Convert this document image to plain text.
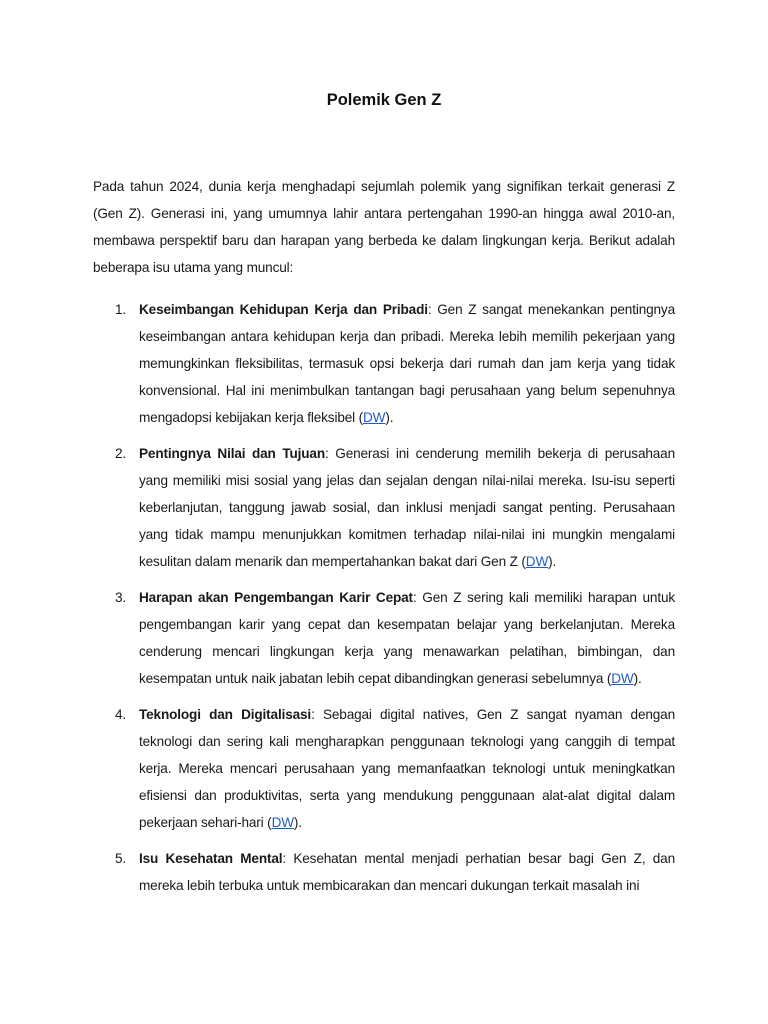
Polemik Gen Z

Pada tahun 2024, dunia kerja menghadapi sejumlah polemik yang signifikan terkait generasi Z (Gen Z). Generasi ini, yang umumnya lahir antara pertengahan 1990-an hingga awal 2010-an, membawa perspektif baru dan harapan yang berbeda ke dalam lingkungan kerja. Berikut adalah beberapa isu utama yang muncul:

1. Keseimbangan Kehidupan Kerja dan Pribadi: Gen Z sangat menekankan pentingnya keseimbangan antara kehidupan kerja dan pribadi. Mereka lebih memilih pekerjaan yang memungkinkan fleksibilitas, termasuk opsi bekerja dari rumah dan jam kerja yang tidak konvensional. Hal ini menimbulkan tantangan bagi perusahaan yang belum sepenuhnya mengadopsi kebijakan kerja fleksibel (DW).
2. Pentingnya Nilai dan Tujuan: Generasi ini cenderung memilih bekerja di perusahaan yang memiliki misi sosial yang jelas dan sejalan dengan nilai-nilai mereka. Isu-isu seperti keberlanjutan, tanggung jawab sosial, dan inklusi menjadi sangat penting. Perusahaan yang tidak mampu menunjukkan komitmen terhadap nilai-nilai ini mungkin mengalami kesulitan dalam menarik dan mempertahankan bakat dari Gen Z (DW).
3. Harapan akan Pengembangan Karir Cepat: Gen Z sering kali memiliki harapan untuk pengembangan karir yang cepat dan kesempatan belajar yang berkelanjutan. Mereka cenderung mencari lingkungan kerja yang menawarkan pelatihan, bimbingan, dan kesempatan untuk naik jabatan lebih cepat dibandingkan generasi sebelumnya (DW).
4. Teknologi dan Digitalisasi: Sebagai digital natives, Gen Z sangat nyaman dengan teknologi dan sering kali mengharapkan penggunaan teknologi yang canggih di tempat kerja. Mereka mencari perusahaan yang memanfaatkan teknologi untuk meningkatkan efisiensi dan produktivitas, serta yang mendukung penggunaan alat-alat digital dalam pekerjaan sehari-hari (DW).
5. Isu Kesehatan Mental: Kesehatan mental menjadi perhatian besar bagi Gen Z, dan mereka lebih terbuka untuk membicarakan dan mencari dukungan terkait masalah ini
